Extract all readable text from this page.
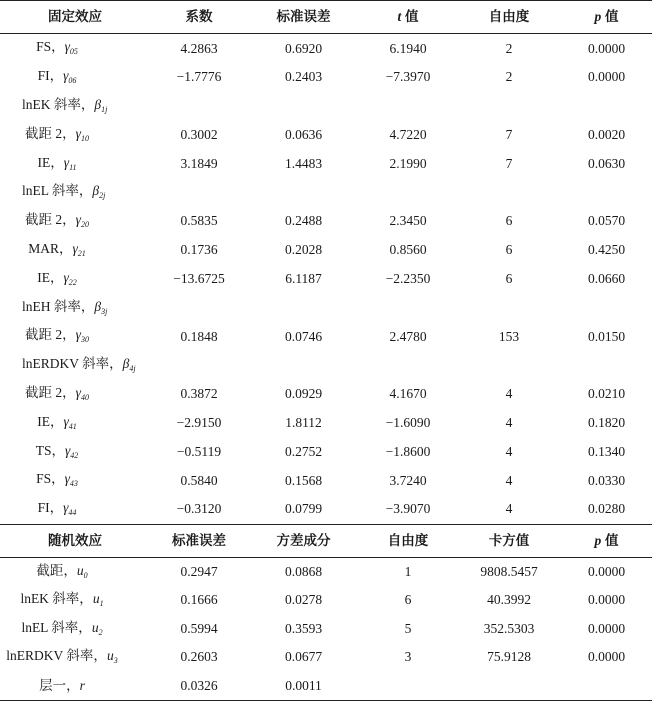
固定效应	系数	标准误差	t 值	自由度	p 值
FS，$\gamma_{05}$	4.2863	0.6920	6.1940	2	0.0000
FI，$\gamma_{06}$	−1.7776	0.2403	−7.3970	2	0.0000
lnEK 斜率，$\beta_{1j}$					
截距 2，$\gamma_{10}$	0.3002	0.0636	4.7220	7	0.0020
IE，$\gamma_{11}$	3.1849	1.4483	2.1990	7	0.0630
lnEL 斜率，$\beta_{2j}$					
截距 2，$\gamma_{20}$	0.5835	0.2488	2.3450	6	0.0570
MAR，$\gamma_{21}$	0.1736	0.2028	0.8560	6	0.4250
IE，$\gamma_{22}$	−13.6725	6.1187	−2.2350	6	0.0660
lnEH 斜率，$\beta_{3j}$					
截距 2，$\gamma_{30}$	0.1848	0.0746	2.4780	153	0.0150
lnERDKV 斜率，$\beta_{4j}$					
截距 2，$\gamma_{40}$	0.3872	0.0929	4.1670	4	0.0210
IE，$\gamma_{41}$	−2.9150	1.8112	−1.6090	4	0.1820
TS，$\gamma_{42}$	−0.5119	0.2752	−1.8600	4	0.1340
FS，$\gamma_{43}$	0.5840	0.1568	3.7240	4	0.0330
FI，$\gamma_{44}$	−0.3120	0.0799	−3.9070	4	0.0280
随机效应	标准误差	方差成分	自由度	卡方值	p 值
截距，$u_0$	0.2947	0.0868	1	9808.5457	0.0000
lnEK 斜率，$u_1$	0.1666	0.0278	6	40.3992	0.0000
lnEL 斜率，$u_2$	0.5994	0.3593	5	352.5303	0.0000
lnERDKV 斜率，$u_3$	0.2603	0.0677	3	75.9128	0.0000
层一，r	0.0326	0.0011			
